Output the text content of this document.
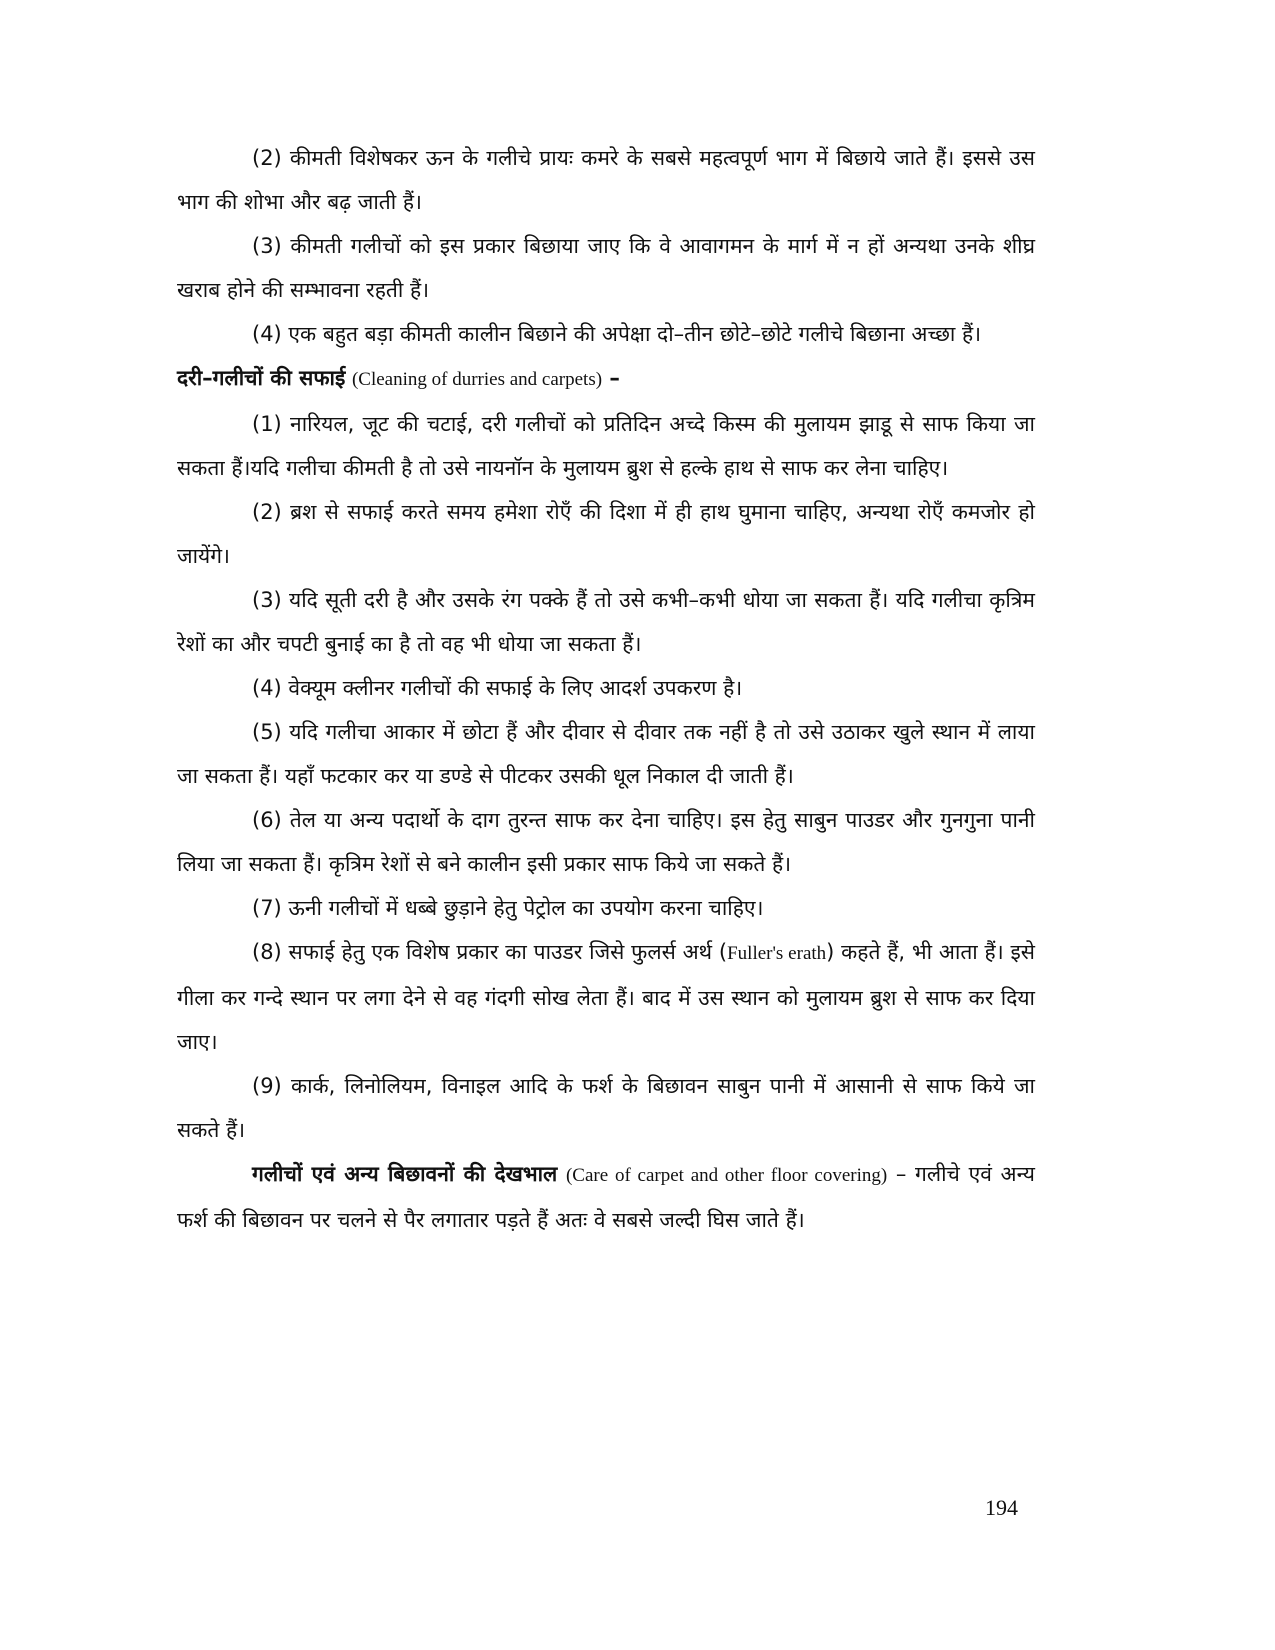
(2) कीमती विशेषकर ऊन के गलीचे प्रायः कमरे के सबसे महत्वपूर्ण भाग में बिछाये जाते हैं। इससे उस भाग की शोभा और बढ़ जाती हैं।

(3) कीमती गलीचों को इस प्रकार बिछाया जाए कि वे आवागमन के मार्ग में न हों अन्यथा उनके शीघ्र खराब होने की सम्भावना रहती हैं।

(4) एक बहुत बड़ा कीमती कालीन बिछाने की अपेक्षा दो–तीन छोटे–छोटे गलीचे बिछाना अच्छा हैं।

दरी–गलीचों की सफाई (Cleaning of durries and carpets) –

(1) नारियल, जूट की चटाई, दरी गलीचों को प्रतिदिन अच्दे किस्म की मुलायम झाडू से साफ किया जा सकता हैं।यदि गलीचा कीमती है तो उसे नायनॉन के मुलायम ब्रुश से हल्के हाथ से साफ कर लेना चाहिए।

(2) ब्रश से सफाई करते समय हमेशा रोएँ की दिशा में ही हाथ घुमाना चाहिए, अन्यथा रोएँ कमजोर हो जायेंगे।

(3) यदि सूती दरी है और उसके रंग पक्के हैं तो उसे कभी–कभी धोया जा सकता हैं। यदि गलीचा कृत्रिम रेशों का और चपटी बुनाई का है तो वह भी धोया जा सकता हैं।

(4) वेक्यूम क्लीनर गलीचों की सफाई के लिए आदर्श उपकरण है।

(5) यदि गलीचा आकार में छोटा हैं और दीवार से दीवार तक नहीं है तो उसे उठाकर खुले स्थान में लाया जा सकता हैं। यहाँ फटकार कर या डण्डे से पीटकर उसकी धूल निकाल दी जाती हैं।

(6) तेल या अन्य पदार्थो के दाग तुरन्त साफ कर देना चाहिए। इस हेतु साबुन पाउडर और गुनगुना पानी लिया जा सकता हैं। कृत्रिम रेशों से बने कालीन इसी प्रकार साफ किये जा सकते हैं।

(7) ऊनी गलीचों में धब्बे छुड़ाने हेतु पेट्रोल का उपयोग करना चाहिए।

(8) सफाई हेतु एक विशेष प्रकार का पाउडर जिसे फुलर्स अर्थ (Fuller's erath) कहते हैं, भी आता हैं। इसे गीला कर गन्दे स्थान पर लगा देने से वह गंदगी सोख लेता हैं। बाद में उस स्थान को मुलायम ब्रुश से साफ कर दिया जाए।

(9) कार्क, लिनोलियम, विनाइल आदि के फर्श के बिछावन साबुन पानी में आसानी से साफ किये जा सकते हैं।

गलीचों एवं अन्य बिछावनों की देखभाल (Care of carpet and other floor covering) – गलीचे एवं अन्य फर्श की बिछावन पर चलने से पैर लगातार पड़ते हैं अतः वे सबसे जल्दी घिस जाते हैं।

194
